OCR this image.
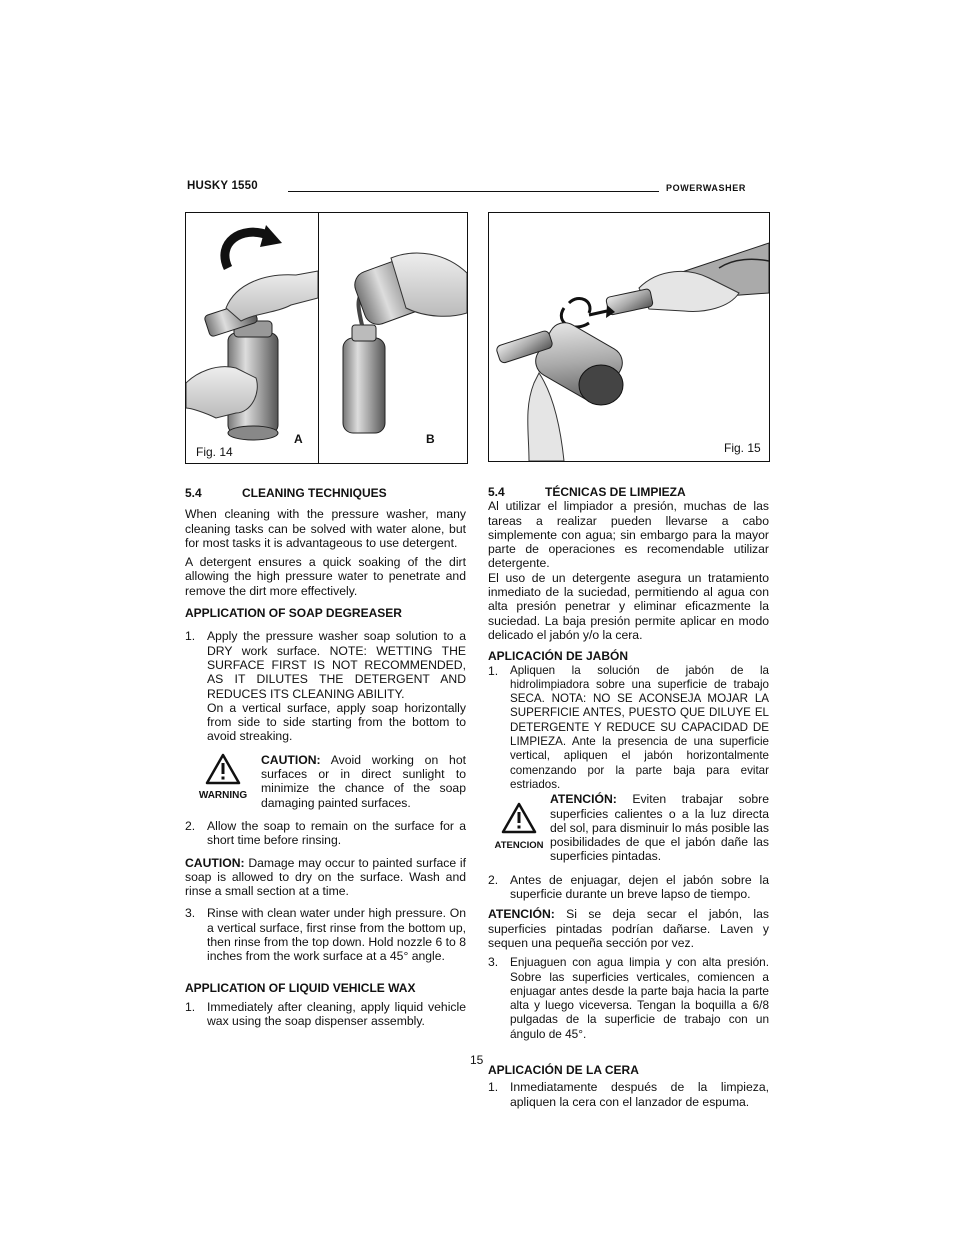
HUSKY 1550	POWERWASHER
Fig. 14
A	B
Fig. 15
5.4	CLEANING TECHNIQUES

When cleaning with the pressure washer, many cleaning tasks can be solved with water alone, but for most tasks it is advantageous to use detergent.

A detergent ensures a quick soaking of the dirt allowing the high pressure water to penetrate and remove the dirt more effectively.

APPLICATION OF SOAP DEGREASER
1. Apply the pressure washer soap solution to a DRY work surface. NOTE: WETTING THE SURFACE FIRST IS NOT RECOMMENDED, AS IT DILUTES THE DETERGENT AND REDUCES ITS CLEANING ABILITY.
On a vertical surface, apply soap horizontally from side to side starting from the bottom to avoid streaking.
WARNING

CAUTION: Avoid working on hot surfaces or in direct sunlight to minimize the chance of the soap damaging painted surfaces.

2. Allow the soap to remain on the surface for a short time before rinsing.

CAUTION: Damage may occur to painted surface if soap is allowed to dry on the surface. Wash and rinse a small section at a time.

3. Rinse with clean water under high pressure. On a vertical surface, first rinse from the bottom up, then rinse from the top down. Hold nozzle 6 to 8 inches from the work surface at a 45° angle.
APPLICATION OF LIQUID VEHICLE WAX
1. Immediately after cleaning, apply liquid vehicle wax using the soap dispenser assembly.
5.4	TÉCNICAS DE LIMPIEZA

Al utilizar el limpiador a presión, muchas de las tareas a realizar pueden llevarse a cabo simplemente con agua; sin embargo para la mayor parte de operaciones es recomendable utilizar detergente.

El uso de un detergente asegura un tratamiento inmediato de la suciedad, permitiendo al agua con alta presión penetrar y eliminar eficazmente la suciedad. La baja presión permite aplicar en modo delicado el jabón y/o la cera.

APLICACIÓN DE JABÓN
1.	Apliquen la solución de jabón de la hidrolimpiadora sobre una superficie de trabajo SECA. NOTA: NO SE ACONSEJA MOJAR LA SUPERFICIE ANTES, PUESTO QUE DILUYE EL DETERGENTE Y REDUCE SU CAPACIDAD DE LIMPIEZA. Ante la presencia de una superficie vertical, apliquen el jabón horizontalmente comenzando por la parte baja para evitar estriados.
ATENCION

ATENCIÓN: Eviten trabajar sobre superficies calientes o a la luz directa del sol, para disminuir lo más posible las posibilidades de que el jabón dañe las superficies pintadas.

2. Antes de enjuagar, dejen el jabón sobre la superficie durante un breve lapso de tiempo.

ATENCIÓN: Si se deja secar el jabón, las superficies pintadas podrían dañarse. Laven y sequen una pequeña sección por vez.

3.	Enjuaguen con agua limpia y con alta presión. Sobre las superficies verticales, comiencen a enjuagar antes desde la parte baja hacia la parte alta y luego viceversa. Tengan la boquilla a 6/8 pulgadas de la superficie de trabajo con un ángulo de 45°.
APLICACIÓN DE LA CERA
1. Inmediatamente después de la limpieza, apliquen la cera con el lanzador de espuma.
15
